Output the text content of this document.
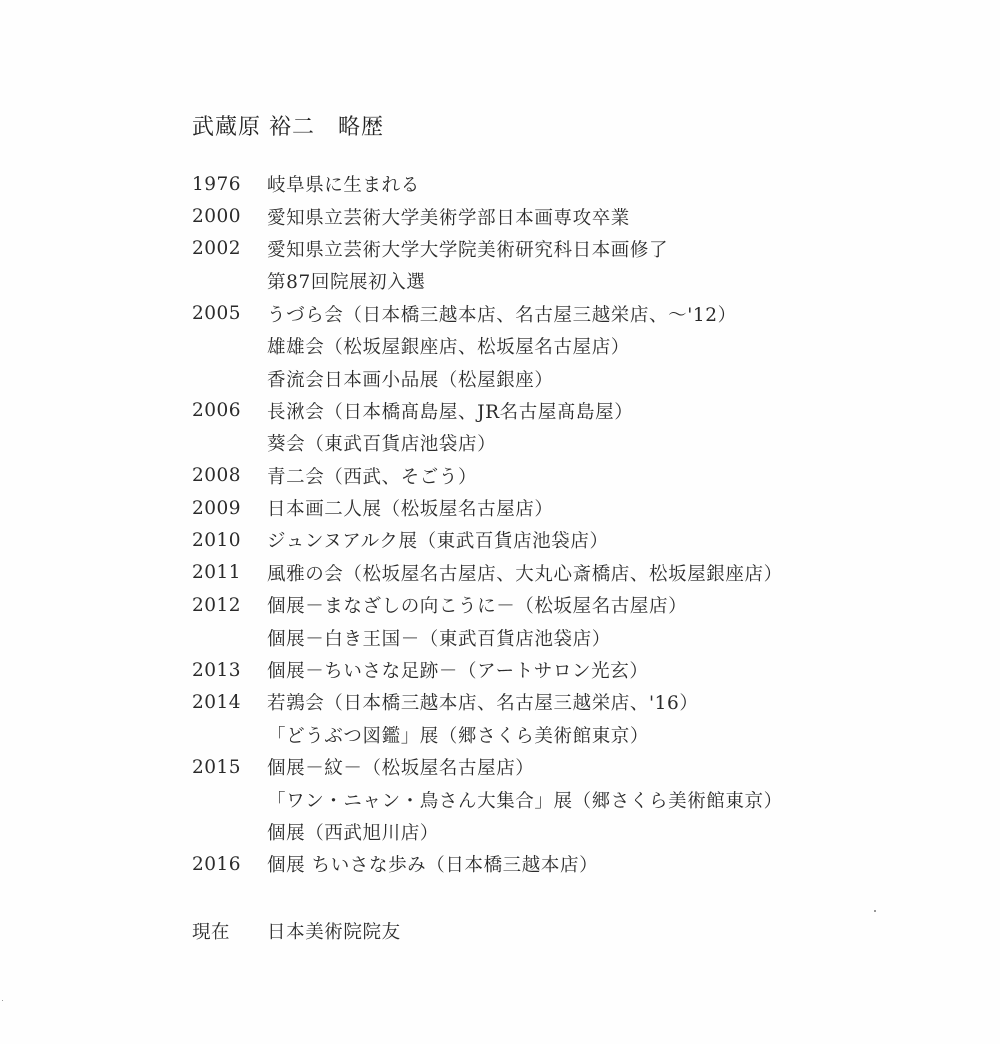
武蔵原 裕二　略歴
1976	岐阜県に生まれる
2000	愛知県立芸術大学美術学部日本画専攻卒業
2002	愛知県立芸術大学大学院美術研究科日本画修了
第87回院展初入選
2005	うづら会（日本橋三越本店、名古屋三越栄店、～'12）
雄雄会（松坂屋銀座店、松坂屋名古屋店）
香流会日本画小品展（松屋銀座）
2006	長湫会（日本橋髙島屋、JR名古屋髙島屋）
葵会（東武百貨店池袋店）
2008	青二会（西武、そごう）
2009	日本画二人展（松坂屋名古屋店）
2010	ジュンヌアルク展（東武百貨店池袋店）
2011	風雅の会（松坂屋名古屋店、大丸心斎橋店、松坂屋銀座店）
2012	個展－まなざしの向こうに－（松坂屋名古屋店）
個展－白き王国－（東武百貨店池袋店）
2013	個展－ちいさな足跡－（アートサロン光玄）
2014	若鶉会（日本橋三越本店、名古屋三越栄店、'16）
「どうぶつ図鑑」展（郷さくら美術館東京）
2015	個展－紋－（松坂屋名古屋店）
「ワン・ニャン・鳥さん大集合」展（郷さくら美術館東京）
個展（西武旭川店）
2016	個展 ちいさな歩み（日本橋三越本店）
現在	日本美術院院友
